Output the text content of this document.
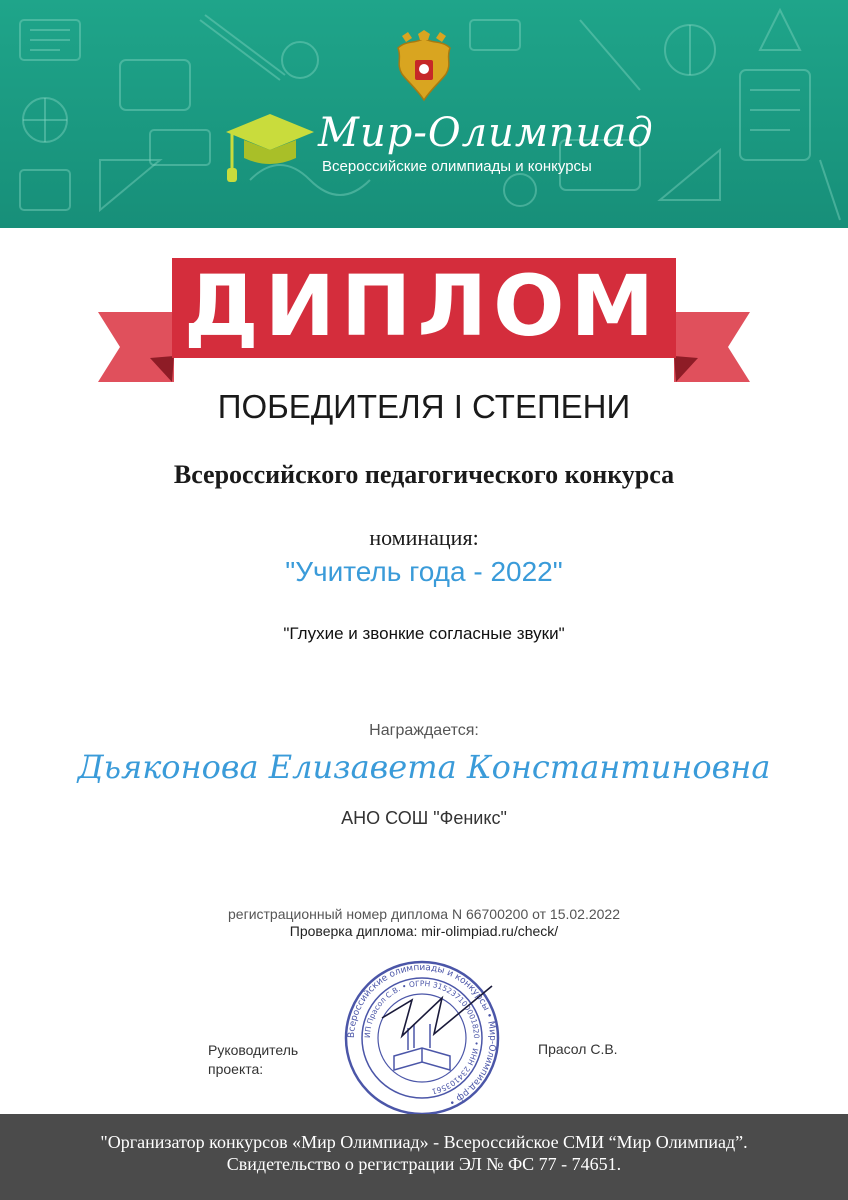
Мир-Олимпиад
Всероссийские олимпиады и конкурсы
ДИПЛОМ
ПОБЕДИТЕЛЯ I СТЕПЕНИ
Всероссийского педагогического конкурса
номинация:
"Учитель года - 2022"
"Глухие и звонкие согласные звуки"
Награждается:
Дьяконова Елизавета Константиновна
АНО СОШ "Феникс"
регистрационный номер диплома N 66700200 от 15.02.2022
Проверка диплома: mir-olimpiad.ru/check/
Руководитель проекта:
Прасол С.В.
Всероссийские олимпиады и конкурсы • Мир-Олимпиад.рф •
ИП Прасол С.В. • ОГРН 315237100001820 • ИНН 234103561
"Организатор конкурсов «Мир Олимпиад» - Всероссийское СМИ “Мир Олимпиад”.
Свидетельство о регистрации ЭЛ № ФС 77 - 74651.
